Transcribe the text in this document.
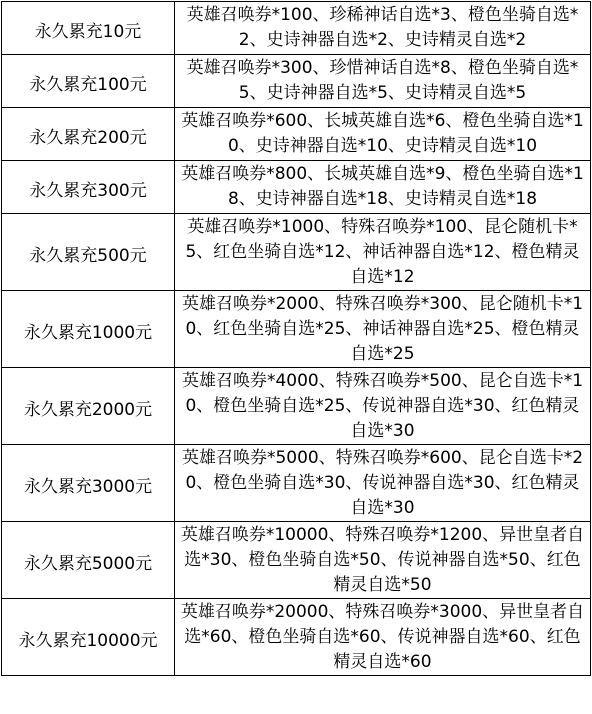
永久累充10元	英雄召唤券*100、珍稀神话自选*3、橙色坐骑自选*2、史诗神器自选*2、史诗精灵自选*2
永久累充100元	英雄召唤券*300、珍惜神话自选*8、橙色坐骑自选*5、史诗神器自选*5、史诗精灵自选*5
永久累充200元	英雄召唤券*600、长城英雄自选*6、橙色坐骑自选*10、史诗神器自选*10、史诗精灵自选*10
永久累充300元	英雄召唤券*800、长城英雄自选*9、橙色坐骑自选*18、史诗神器自选*18、史诗精灵自选*18
永久累充500元	英雄召唤券*1000、特殊召唤券*100、昆仑随机卡*5、红色坐骑自选*12、神话神器自选*12、橙色精灵自选*12
永久累充1000元	英雄召唤券*2000、特殊召唤券*300、昆仑随机卡*10、红色坐骑自选*25、神话神器自选*25、橙色精灵自选*25
永久累充2000元	英雄召唤券*4000、特殊召唤券*500、昆仑自选卡*10、橙色坐骑自选*25、传说神器自选*30、红色精灵自选*30
永久累充3000元	英雄召唤券*5000、特殊召唤券*600、昆仑自选卡*20、橙色坐骑自选*30、传说神器自选*30、红色精灵自选*30
永久累充5000元	英雄召唤券*10000、特殊召唤券*1200、异世皇者自选*30、橙色坐骑自选*50、传说神器自选*50、红色精灵自选*50
永久累充10000元	英雄召唤券*20000、特殊召唤券*3000、异世皇者自选*60、橙色坐骑自选*60、传说神器自选*60、红色精灵自选*60
